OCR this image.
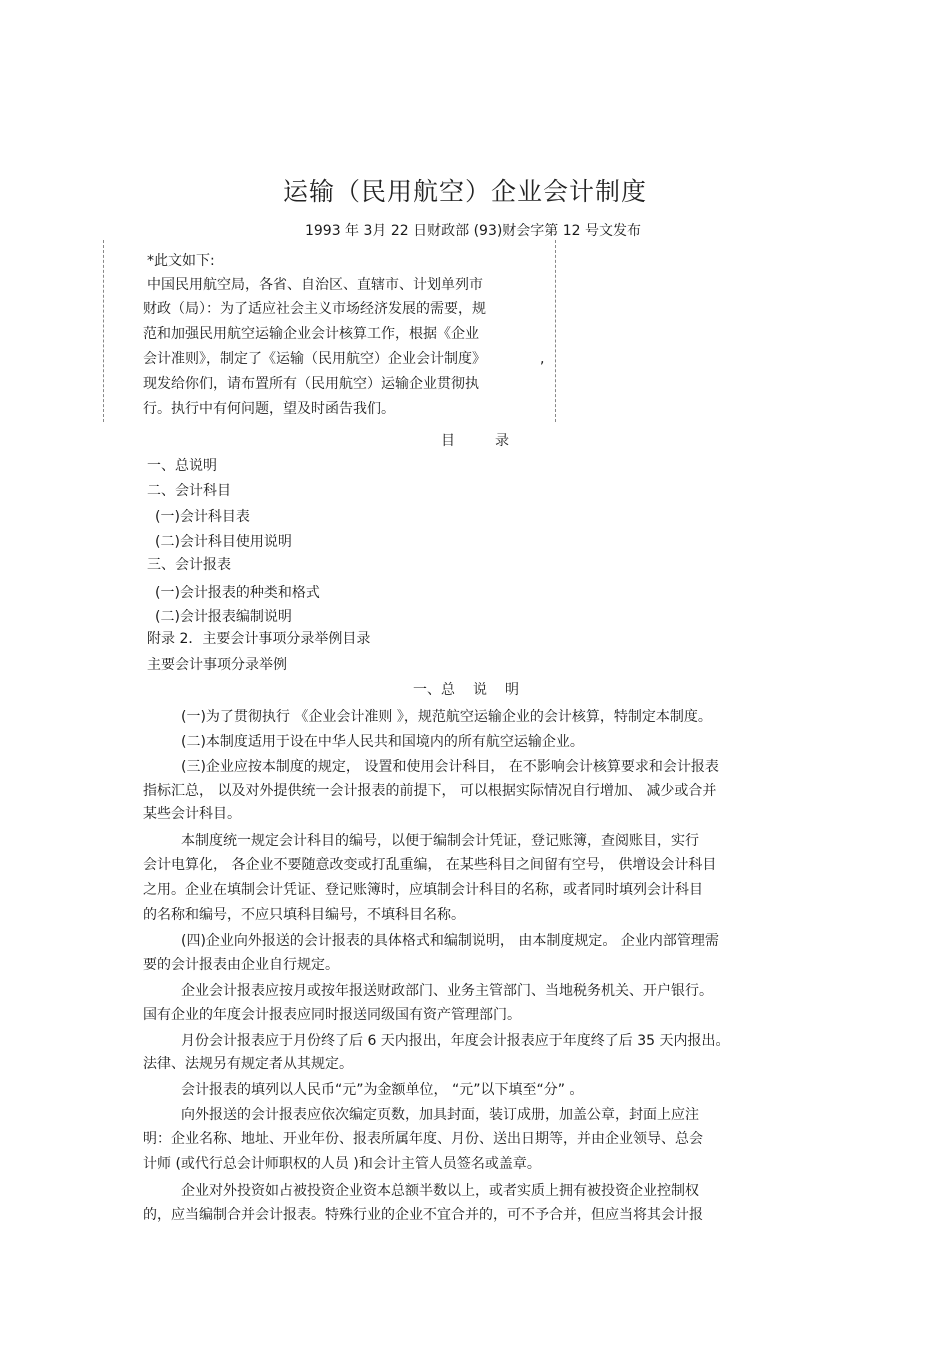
运输（民用航空）企业会计制度
1993 年 3月 22 日财政部 (93)财会字第 12 号文发布
*此文如下:
中国民用航空局，各省、自治区、直辖市、计划单列市
财政（局）：为了适应社会主义市场经济发展的需要，规
范和加强民用航空运输企业会计核算工作，根据《企业
会计准则》，制定了《运输（民用航空）企业会计制度》	,
现发给你们，请布置所有（民用航空）运输企业贯彻执
行。执行中有何问题，望及时函告我们。
目录
一、总说明
二、会计科目
(一)会计科目表
(二)会计科目使用说明
三、会计报表
(一)会计报表的种类和格式
(二)会计报表编制说明
附录 2．主要会计事项分录举例目录
主要会计事项分录举例
一、总说明
(一)为了贯彻执行 《企业会计准则 》，规范航空运输企业的会计核算，特制定本制度。
(二)本制度适用于设在中华人民共和国境内的所有航空运输企业。
(三)企业应按本制度的规定， 设置和使用会计科目， 在不影响会计核算要求和会计报表
指标汇总， 以及对外提供统一会计报表的前提下， 可以根据实际情况自行增加、 减少或合并
某些会计科目。
本制度统一规定会计科目的编号，以便于编制会计凭证，登记账簿，查阅账目，实行
会计电算化， 各企业不要随意改变或打乱重编， 在某些科目之间留有空号， 供增设会计科目
之用。企业在填制会计凭证、登记账簿时，应填制会计科目的名称，或者同时填列会计科目
的名称和编号，不应只填科目编号，不填科目名称。
(四)企业向外报送的会计报表的具体格式和编制说明， 由本制度规定。 企业内部管理需
要的会计报表由企业自行规定。
企业会计报表应按月或按年报送财政部门、业务主管部门、当地税务机关、开户银行。
国有企业的年度会计报表应同时报送同级国有资产管理部门。
月份会计报表应于月份终了后 6 天内报出，年度会计报表应于年度终了后 35 天内报出。
法律、法规另有规定者从其规定。
会计报表的填列以人民币“元”为金额单位， “元”以下填至“分” 。
向外报送的会计报表应依次编定页数，加具封面，装订成册，加盖公章，封面上应注
明：企业名称、地址、开业年份、报表所属年度、月份、送出日期等，并由企业领导、总会
计师 (或代行总会计师职权的人员 )和会计主管人员签名或盖章。
企业对外投资如占被投资企业资本总额半数以上，或者实质上拥有被投资企业控制权
的，应当编制合并会计报表。特殊行业的企业不宜合并的，可不予合并，但应当将其会计报
